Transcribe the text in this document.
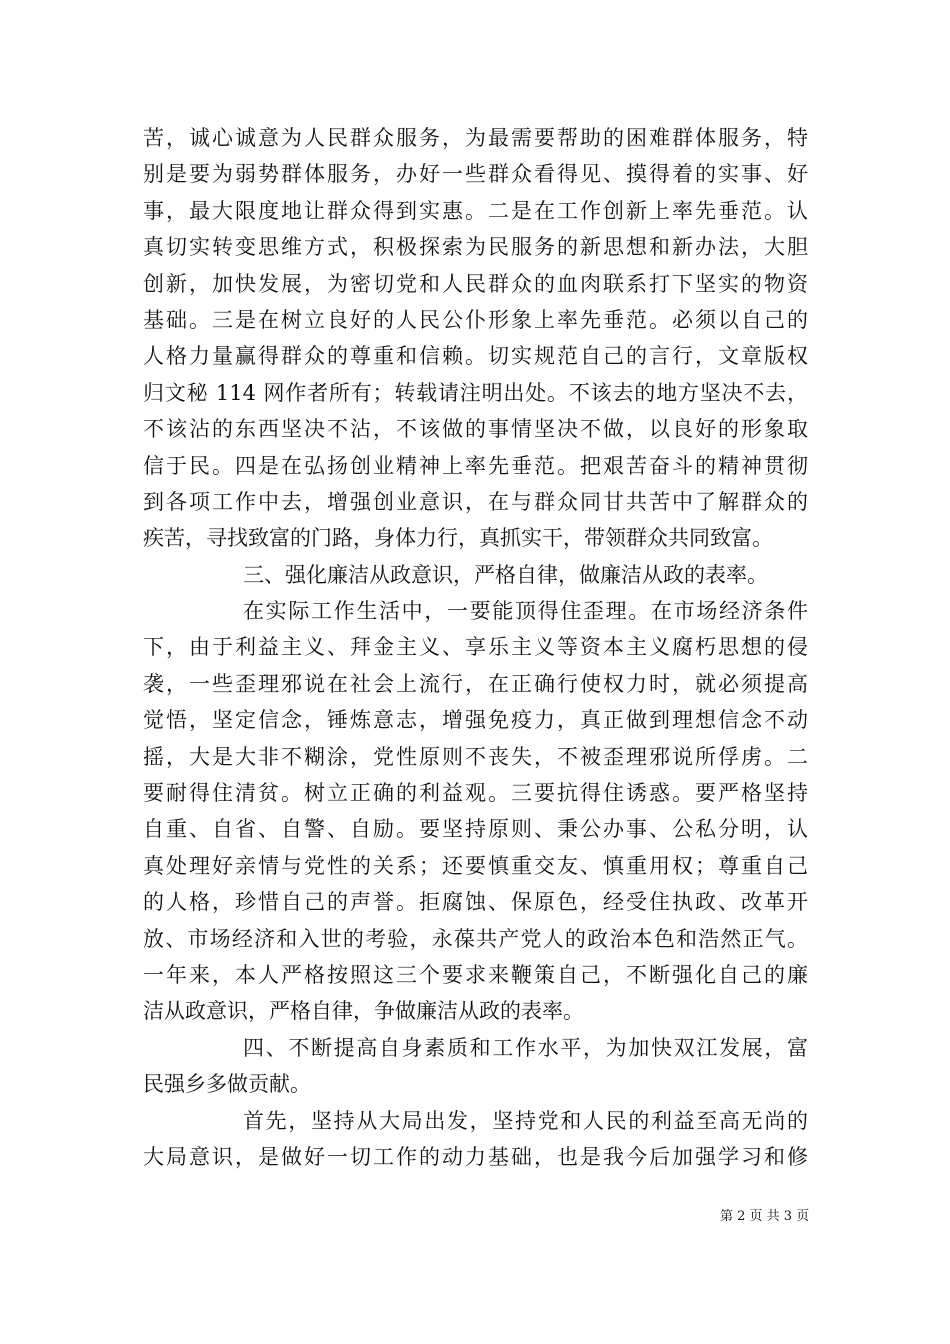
苦，诚心诚意为人民群众服务，为最需要帮助的困难群体服务，特
别是要为弱势群体服务，办好一些群众看得见、摸得着的实事、好
事，最大限度地让群众得到实惠。二是在工作创新上率先垂范。认
真切实转变思维方式，积极探索为民服务的新思想和新办法，大胆
创新，加快发展，为密切党和人民群众的血肉联系打下坚实的物资
基础。三是在树立良好的人民公仆形象上率先垂范。必须以自己的
人格力量赢得群众的尊重和信赖。切实规范自己的言行，文章版权
归文秘 114 网作者所有；转载请注明出处。不该去的地方坚决不去，
不该沾的东西坚决不沾，不该做的事情坚决不做，以良好的形象取
信于民。四是在弘扬创业精神上率先垂范。把艰苦奋斗的精神贯彻
到各项工作中去，增强创业意识，在与群众同甘共苦中了解群众的
疾苦，寻找致富的门路，身体力行，真抓实干，带领群众共同致富。
三、强化廉洁从政意识，严格自律，做廉洁从政的表率。
在实际工作生活中，一要能顶得住歪理。在市场经济条件
下，由于利益主义、拜金主义、享乐主义等资本主义腐朽思想的侵
袭，一些歪理邪说在社会上流行，在正确行使权力时，就必须提高
觉悟，坚定信念，锤炼意志，增强免疫力，真正做到理想信念不动
摇，大是大非不糊涂，党性原则不丧失，不被歪理邪说所俘虏。二
要耐得住清贫。树立正确的利益观。三要抗得住诱惑。要严格坚持
自重、自省、自警、自励。要坚持原则、秉公办事、公私分明，认
真处理好亲情与党性的关系；还要慎重交友、慎重用权；尊重自己
的人格，珍惜自己的声誉。拒腐蚀、保原色，经受住执政、改革开
放、市场经济和入世的考验，永葆共产党人的政治本色和浩然正气。
一年来，本人严格按照这三个要求来鞭策自己，不断强化自己的廉
洁从政意识，严格自律，争做廉洁从政的表率。
四、不断提高自身素质和工作水平，为加快双江发展，富
民强乡多做贡献。
首先，坚持从大局出发，坚持党和人民的利益至高无尚的
大局意识，是做好一切工作的动力基础，也是我今后加强学习和修
第 2 页 共 3 页
